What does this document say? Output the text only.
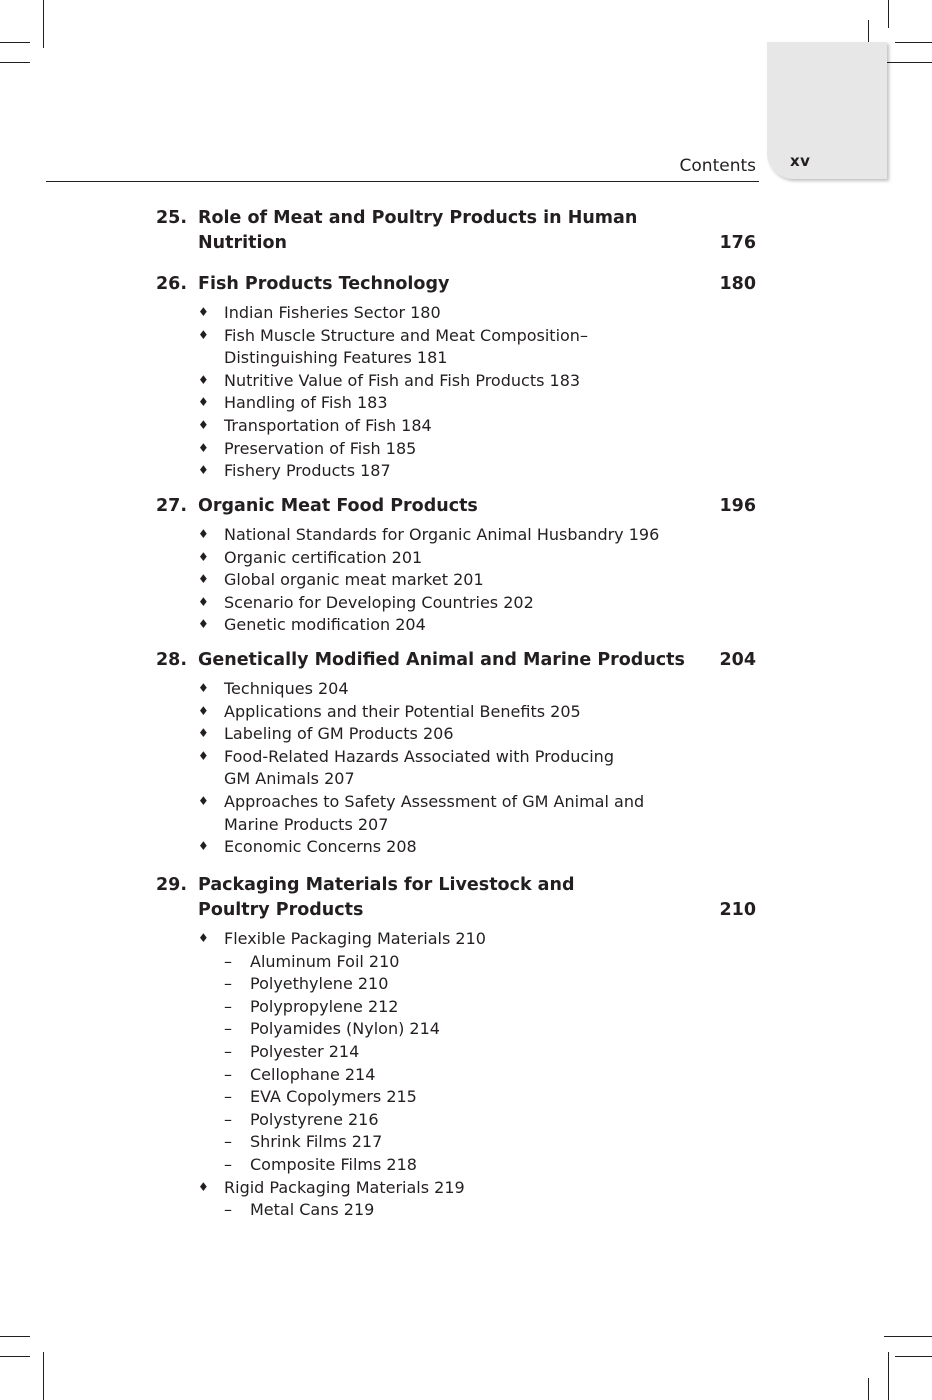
xv
Contents
25. Role of Meat and Poultry Products in Human
Nutrition	176
26. Fish Products Technology	180
♦ Indian Fisheries Sector 180
♦ Fish Muscle Structure and Meat Composition–
Distinguishing Features 181
♦ Nutritive Value of Fish and Fish Products 183
♦ Handling of Fish 183
♦ Transportation of Fish 184
♦ Preservation of Fish 185
♦ Fishery Products 187
27. Organic Meat Food Products	196
♦ National Standards for Organic Animal Husbandry 196
♦ Organic certification 201
♦ Global organic meat market 201
♦ Scenario for Developing Countries 202
♦ Genetic modification 204
28. Genetically Modified Animal and Marine Products 204
♦ Techniques 204
♦ Applications and their Potential Benefits 205
♦ Labeling of GM Products 206
♦ Food-Related Hazards Associated with Producing
GM Animals 207
♦ Approaches to Safety Assessment of GM Animal and
Marine Products 207
♦ Economic Concerns 208
29. Packaging Materials for Livestock and
Poultry Products	210
♦ Flexible Packaging Materials 210
– Aluminum Foil 210
– Polyethylene 210
– Polypropylene 212
– Polyamides (Nylon) 214
– Polyester 214
– Cellophane 214
– EVA Copolymers 215
– Polystyrene 216
– Shrink Films 217
– Composite Films 218
♦ Rigid Packaging Materials 219
– Metal Cans 219
